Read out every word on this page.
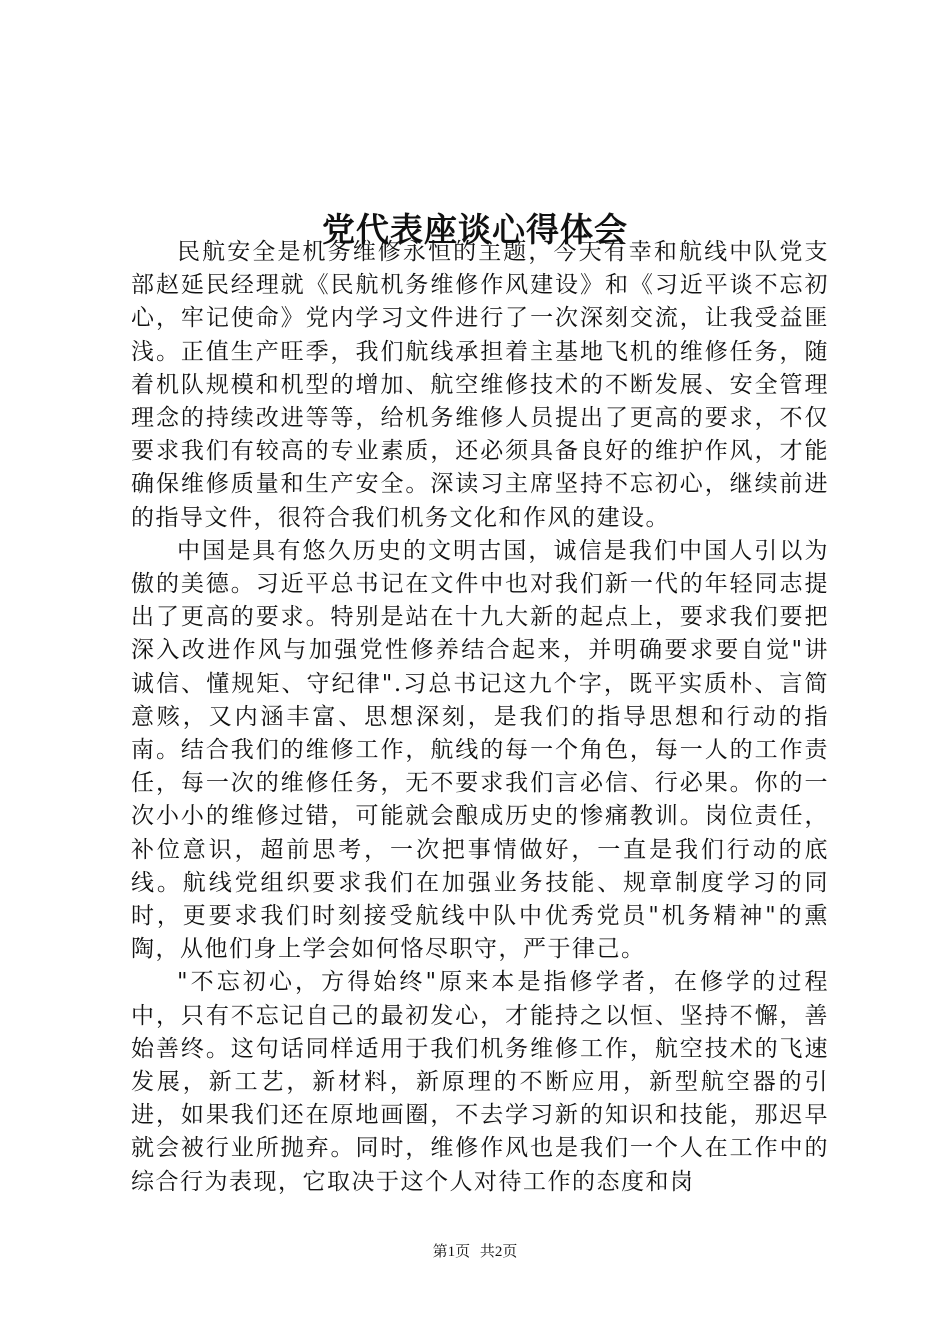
党代表座谈心得体会

民航安全是机务维修永恒的主题，今天有幸和航线中队党支部赵延民经理就《民航机务维修作风建设》和《习近平谈不忘初心，牢记使命》党内学习文件进行了一次深刻交流，让我受益匪浅。正值生产旺季，我们航线承担着主基地飞机的维修任务，随着机队规模和机型的增加、航空维修技术的不断发展、安全管理理念的持续改进等等，给机务维修人员提出了更高的要求，不仅要求我们有较高的专业素质，还必须具备良好的维护作风，才能确保维修质量和生产安全。深读习主席坚持不忘初心，继续前进的指导文件，很符合我们机务文化和作风的建设。

中国是具有悠久历史的文明古国，诚信是我们中国人引以为傲的美德。习近平总书记在文件中也对我们新一代的年轻同志提出了更高的要求。特别是站在十九大新的起点上，要求我们要把深入改进作风与加强党性修养结合起来，并明确要求要自觉"讲诚信、懂规矩、守纪律".习总书记这九个字，既平实质朴、言简意赅，又内涵丰富、思想深刻，是我们的指导思想和行动的指南。结合我们的维修工作，航线的每一个角色，每一人的工作责任，每一次的维修任务，无不要求我们言必信、行必果。你的一次小小的维修过错，可能就会酿成历史的惨痛教训。岗位责任，补位意识，超前思考，一次把事情做好，一直是我们行动的底线。航线党组织要求我们在加强业务技能、规章制度学习的同时，更要求我们时刻接受航线中队中优秀党员"机务精神"的熏陶，从他们身上学会如何恪尽职守，严于律己。

"不忘初心，方得始终"原来本是指修学者，在修学的过程中，只有不忘记自己的最初发心，才能持之以恒、坚持不懈，善始善终。这句话同样适用于我们机务维修工作，航空技术的飞速发展，新工艺，新材料，新原理的不断应用，新型航空器的引进，如果我们还在原地画圈，不去学习新的知识和技能，那迟早就会被行业所抛弃。同时，维修作风也是我们一个人在工作中的综合行为表现，它取决于这个人对待工作的态度和岗

第1页 共2页
